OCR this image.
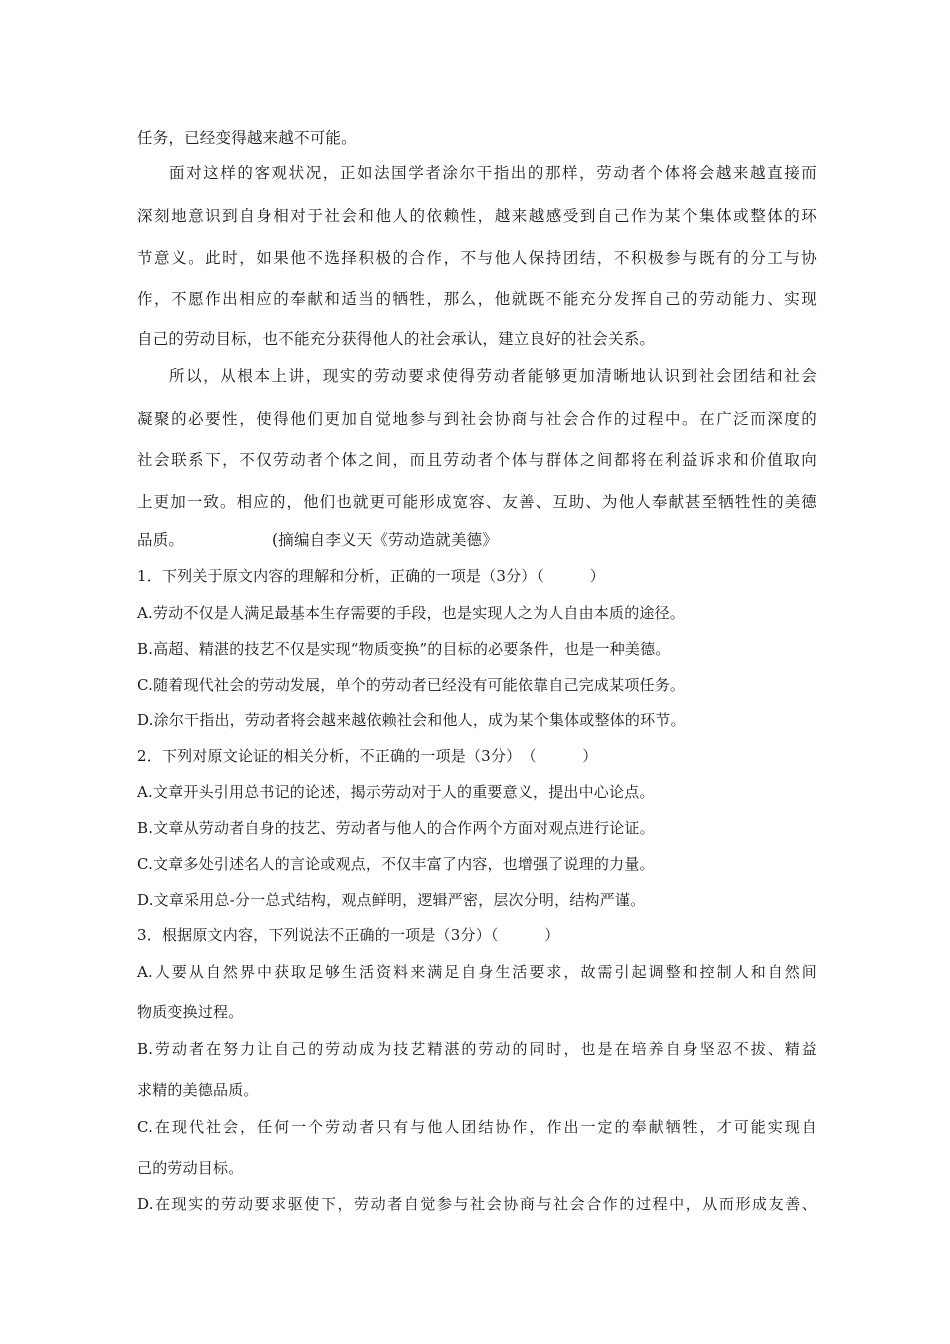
任务，已经变得越来越不可能。
面对这样的客观状况，正如法国学者涂尔干指出的那样，劳动者个体将会越来越直接而
深刻地意识到自身相对于社会和他人的依赖性，越来越感受到自己作为某个集体或整体的环
节意义。此时，如果他不选择积极的合作，不与他人保持团结，不积极参与既有的分工与协
作，不愿作出相应的奉献和适当的牺牲，那么，他就既不能充分发挥自己的劳动能力、实现
自己的劳动目标，也不能充分获得他人的社会承认，建立良好的社会关系。
所以，从根本上讲，现实的劳动要求使得劳动者能够更加清晰地认识到社会团结和社会
凝聚的必要性，使得他们更加自觉地参与到社会协商与社会合作的过程中。在广泛而深度的
社会联系下，不仅劳动者个体之间，而且劳动者个体与群体之间都将在利益诉求和价值取向
上更加一致。相应的，他们也就更可能形成宽容、友善、互助、为他人奉献甚至牺牲性的美德
品质。	(摘编自李义天《劳动造就美德》
1．下列关于原文内容的理解和分析，正确的一项是（3分）（　　　）
A.劳动不仅是人满足最基本生存需要的手段，也是实现人之为人自由本质的途径。
B.高超、精湛的技艺不仅是实现“物质变换”的目标的必要条件，也是一种美德。
C.随着现代社会的劳动发展，单个的劳动者已经没有可能依靠自己完成某项任务。
D.涂尔干指出，劳动者将会越来越依赖社会和他人，成为某个集体或整体的环节。
2．下列对原文论证的相关分析，不正确的一项是（3分）　（　　　）
A.文章开头引用总书记的论述，揭示劳动对于人的重要意义，提出中心论点。
B.文章从劳动者自身的技艺、劳动者与他人的合作两个方面对观点进行论证。
C.文章多处引述名人的言论或观点，不仅丰富了内容，也增强了说理的力量。
D.文章采用总-分一总式结构，观点鲜明，逻辑严密，层次分明，结构严谨。
3．根据原文内容，下列说法不正确的一项是（3分）（　　　）
A.人要从自然界中获取足够生活资料来满足自身生活要求，故需引起调整和控制人和自然间
物质变换过程。
B.劳动者在努力让自己的劳动成为技艺精湛的劳动的同时，也是在培养自身坚忍不拔、精益
求精的美德品质。
C.在现代社会，任何一个劳动者只有与他人团结协作，作出一定的奉献牺牲，才可能实现自
己的劳动目标。
D.在现实的劳动要求驱使下，劳动者自觉参与社会协商与社会合作的过程中，从而形成友善、
